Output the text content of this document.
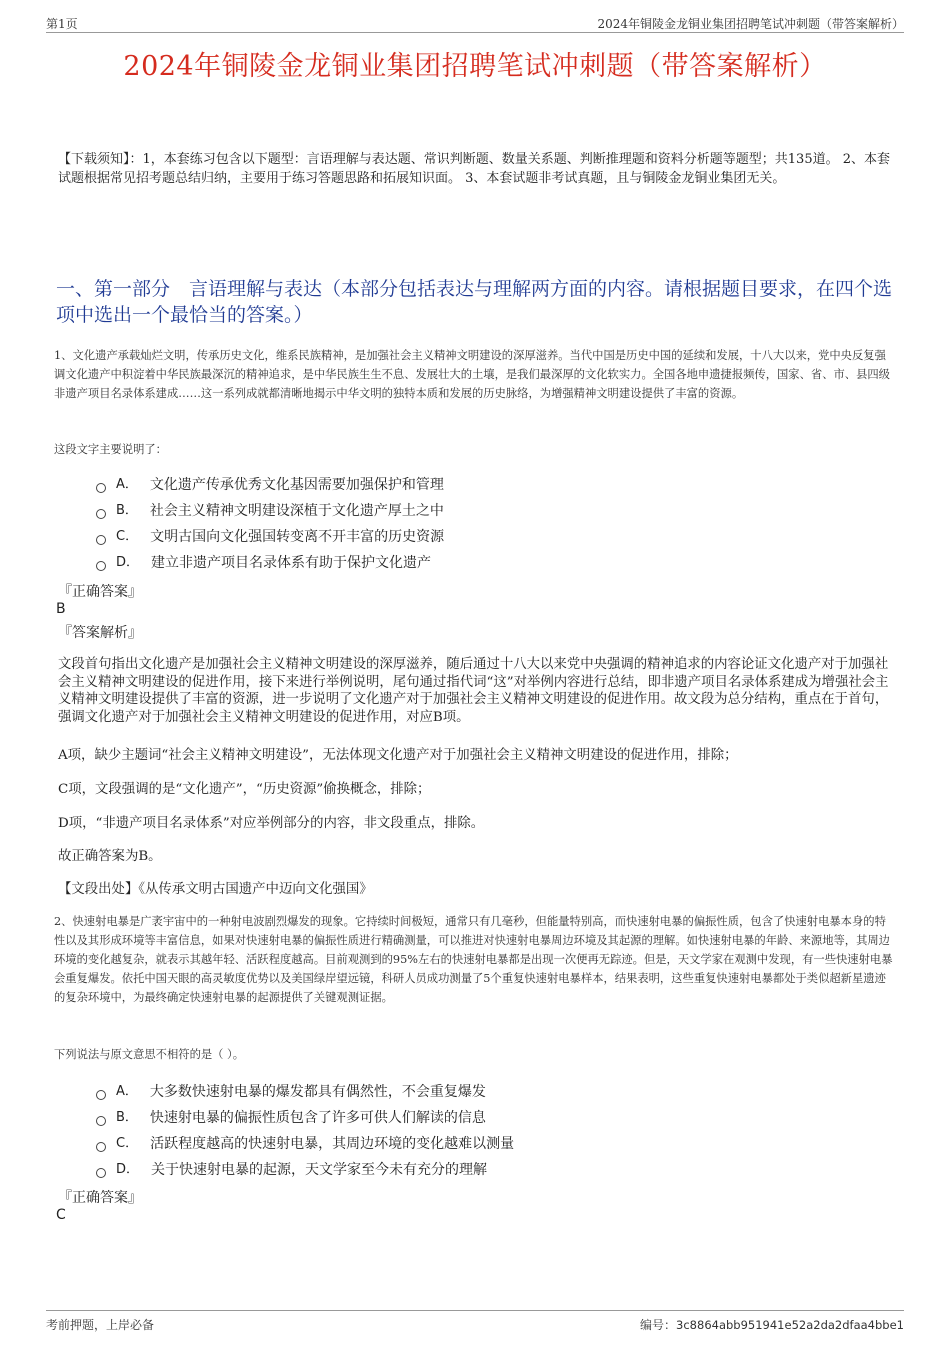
第1页	2024年铜陵金龙铜业集团招聘笔试冲刺题（带答案解析）
2024年铜陵金龙铜业集团招聘笔试冲刺题（带答案解析）
【下载须知】：1，本套练习包含以下题型：言语理解与表达题、常识判断题、数量关系题、判断推理题和资料分析题等题型；共135道。 2、本套试题根据常见招考题总结归纳，主要用于练习答题思路和拓展知识面。 3、本套试题非考试真题，且与铜陵金龙铜业集团无关。
一、第一部分　言语理解与表达（本部分包括表达与理解两方面的内容。请根据题目要求，在四个选项中选出一个最恰当的答案。）
1、文化遗产承载灿烂文明，传承历史文化，维系民族精神，是加强社会主义精神文明建设的深厚滋养。当代中国是历史中国的延续和发展，十八大以来，党中央反复强调文化遗产中积淀着中华民族最深沉的精神追求，是中华民族生生不息、发展壮大的土壤，是我们最深厚的文化软实力。全国各地申遗捷报频传，国家、省、市、县四级非遗产项目名录体系建成……这一系列成就都清晰地揭示中华文明的独特本质和发展的历史脉络，为增强精神文明建设提供了丰富的资源。
这段文字主要说明了：
A． 文化遗产传承优秀文化基因需要加强保护和管理
B． 社会主义精神文明建设深植于文化遗产厚土之中
C． 文明古国向文化强国转变离不开丰富的历史资源
D． 建立非遗产项目名录体系有助于保护文化遗产
『正确答案』
B
『答案解析』
文段首句指出文化遗产是加强社会主义精神文明建设的深厚滋养，随后通过十八大以来党中央强调的精神追求的内容论证文化遗产对于加强社会主义精神文明建设的促进作用，接下来进行举例说明，尾句通过指代词“这”对举例内容进行总结，即非遗产项目名录体系建成为增强社会主义精神文明建设提供了丰富的资源，进一步说明了文化遗产对于加强社会主义精神文明建设的促进作用。故文段为总分结构，重点在于首句，强调文化遗产对于加强社会主义精神文明建设的促进作用，对应B项。
A项，缺少主题词“社会主义精神文明建设”，无法体现文化遗产对于加强社会主义精神文明建设的促进作用，排除；
C项，文段强调的是“文化遗产”，“历史资源”偷换概念，排除；
D项，“非遗产项目名录体系”对应举例部分的内容，非文段重点，排除。
故正确答案为B。
【文段出处】《从传承文明古国遗产中迈向文化强国》
2、快速射电暴是广袤宇宙中的一种射电波剧烈爆发的现象。它持续时间极短，通常只有几毫秒，但能量特别高，而快速射电暴的偏振性质，包含了快速射电暴本身的特性以及其形成环境等丰富信息，如果对快速射电暴的偏振性质进行精确测量，可以推进对快速射电暴周边环境及其起源的理解。如快速射电暴的年龄、来源地等，其周边环境的变化越复杂，就表示其越年轻、活跃程度越高。目前观测到的95%左右的快速射电暴都是出现一次便再无踪迹。但是，天文学家在观测中发现，有一些快速射电暴会重复爆发。依托中国天眼的高灵敏度优势以及美国绿岸望远镜，科研人员成功测量了5个重复快速射电暴样本，结果表明，这些重复快速射电暴都处于类似超新星遗迹的复杂环境中，为最终确定快速射电暴的起源提供了关键观测证据。
下列说法与原文意思不相符的是（ ）。
A． 大多数快速射电暴的爆发都具有偶然性，不会重复爆发
B． 快速射电暴的偏振性质包含了许多可供人们解读的信息
C． 活跃程度越高的快速射电暴，其周边环境的变化越难以测量
D． 关于快速射电暴的起源，天文学家至今未有充分的理解
『正确答案』
C
考前押题，上岸必备	编号：3c8864abb951941e52a2da2dfaa4bbe1
